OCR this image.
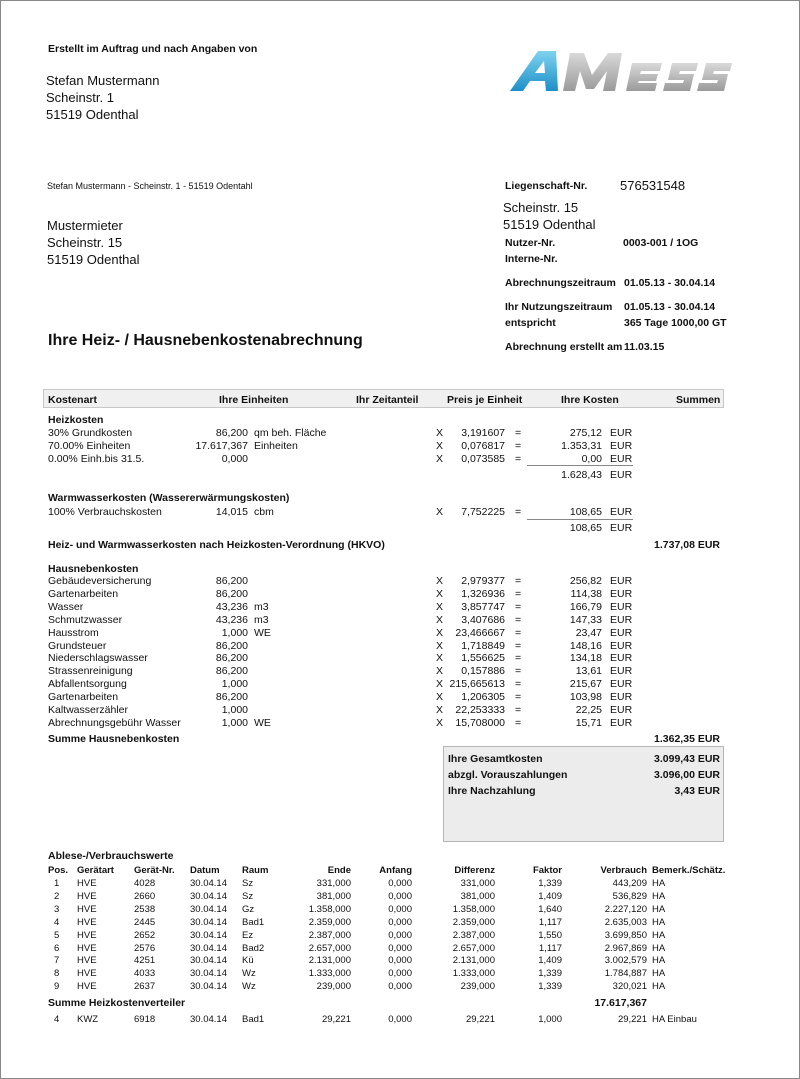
Erstellt im Auftrag und nach Angaben von
Stefan Mustermann
Scheinstr. 1
51519 Odenthal
Stefan Mustermann - Scheinstr. 1 - 51519 Odentahl
Mustermieter
Scheinstr. 15
51519 Odenthal
Liegenschaft-Nr.	576531548
Scheinstr. 15
51519 Odenthal
Nutzer-Nr.	0003-001 / 1OG
Interne-Nr.
Abrechnungszeitraum 01.05.13 - 30.04.14
Ihr Nutzungszeitraum 01.05.13 - 30.04.14
entspricht	365 Tage 1000,00 GT
Abrechnung erstellt am 11.03.15
Ihre Heiz- / Hausnebenkostenabrechnung
Kostenart	Ihre Einheiten	Ihr Zeitanteil	Preis je Einheit	Ihre Kosten	Summen
Heizkosten
30% Grundkosten	86,200 qm beh. Fläche	X	3,191607 =	275,12 EUR
70.00% Einheiten	17.617,367 Einheiten	X	0,076817 =	1.353,31 EUR
0.00% Einh.bis 31.5.	0,000	X	0,073585 =	0,00 EUR
1.628,43 EUR
Warmwasserkosten (Wassererwärmungskosten)
100% Verbrauchskosten	14,015 cbm	X	7,752225 =	108,65 EUR
108,65 EUR
Heiz- und Warmwasserkosten nach Heizkosten-Verordnung (HKVO)	1.737,08 EUR
Hausnebenkosten
Gebäudeversicherung	86,200	X	2,979377 =	256,82 EUR
Gartenarbeiten	86,200	X	1,326936 =	114,38 EUR
Wasser	43,236 m3	X	3,857747 =	166,79 EUR
Schmutzwasser	43,236 m3	X	3,407686 =	147,33 EUR
Hausstrom	1,000 WE	X	23,466667 =	23,47 EUR
Grundsteuer	86,200	X	1,718849 =	148,16 EUR
Niederschlagswasser	86,200	X	1,556625 =	134,18 EUR
Strassenreinigung	86,200	X	0,157886 =	13,61 EUR
Abfallentsorgung	1,000	X 215,665613 =	215,67 EUR
Gartenarbeiten	86,200	X	1,206305 =	103,98 EUR
Kaltwasserzähler	1,000	X	22,253333 =	22,25 EUR
Abrechnungsgebühr Wasser	1,000 WE	X	15,708000 =	15,71 EUR
Summe Hausnebenkosten	1.362,35 EUR
Ihre Gesamtkosten	3.099,43 EUR
abzgl. Vorauszahlungen	3.096,00 EUR
Ihre Nachzahlung	3,43 EUR
Ablese-/Verbrauchswerte
Pos. Gerätart	Gerät-Nr.	Datum	Raum	Ende	Anfang	Differenz	Faktor	Verbrauch Bemerk./Schätz.
1	HVE	4028	30.04.14	Sz	331,000	0,000	331,000	1,339	443,209 HA
2	HVE	2660	30.04.14	Sz	381,000	0,000	381,000	1,409	536,829 HA
3	HVE	2538	30.04.14	Gz	1.358,000	0,000	1.358,000	1,640	2.227,120 HA
4	HVE	2445	30.04.14	Bad1	2.359,000	0,000	2.359,000	1,117	2.635,003 HA
5	HVE	2652	30.04.14	Ez	2.387,000	0,000	2.387,000	1,550	3.699,850 HA
6	HVE	2576	30.04.14	Bad2	2.657,000	0,000	2.657,000	1,117	2.967,869 HA
7	HVE	4251	30.04.14	Kü	2.131,000	0,000	2.131,000	1,409	3.002,579 HA
8	HVE	4033	30.04.14	Wz	1.333,000	0,000	1.333,000	1,339	1.784,887 HA
9	HVE	2637	30.04.14	Wz	239,000	0,000	239,000	1,339	320,021 HA
Summe Heizkostenverteiler	17.617,367
4	KWZ	6918	30.04.14	Bad1	29,221	0,000	29,221	1,000	29,221 HA Einbau
